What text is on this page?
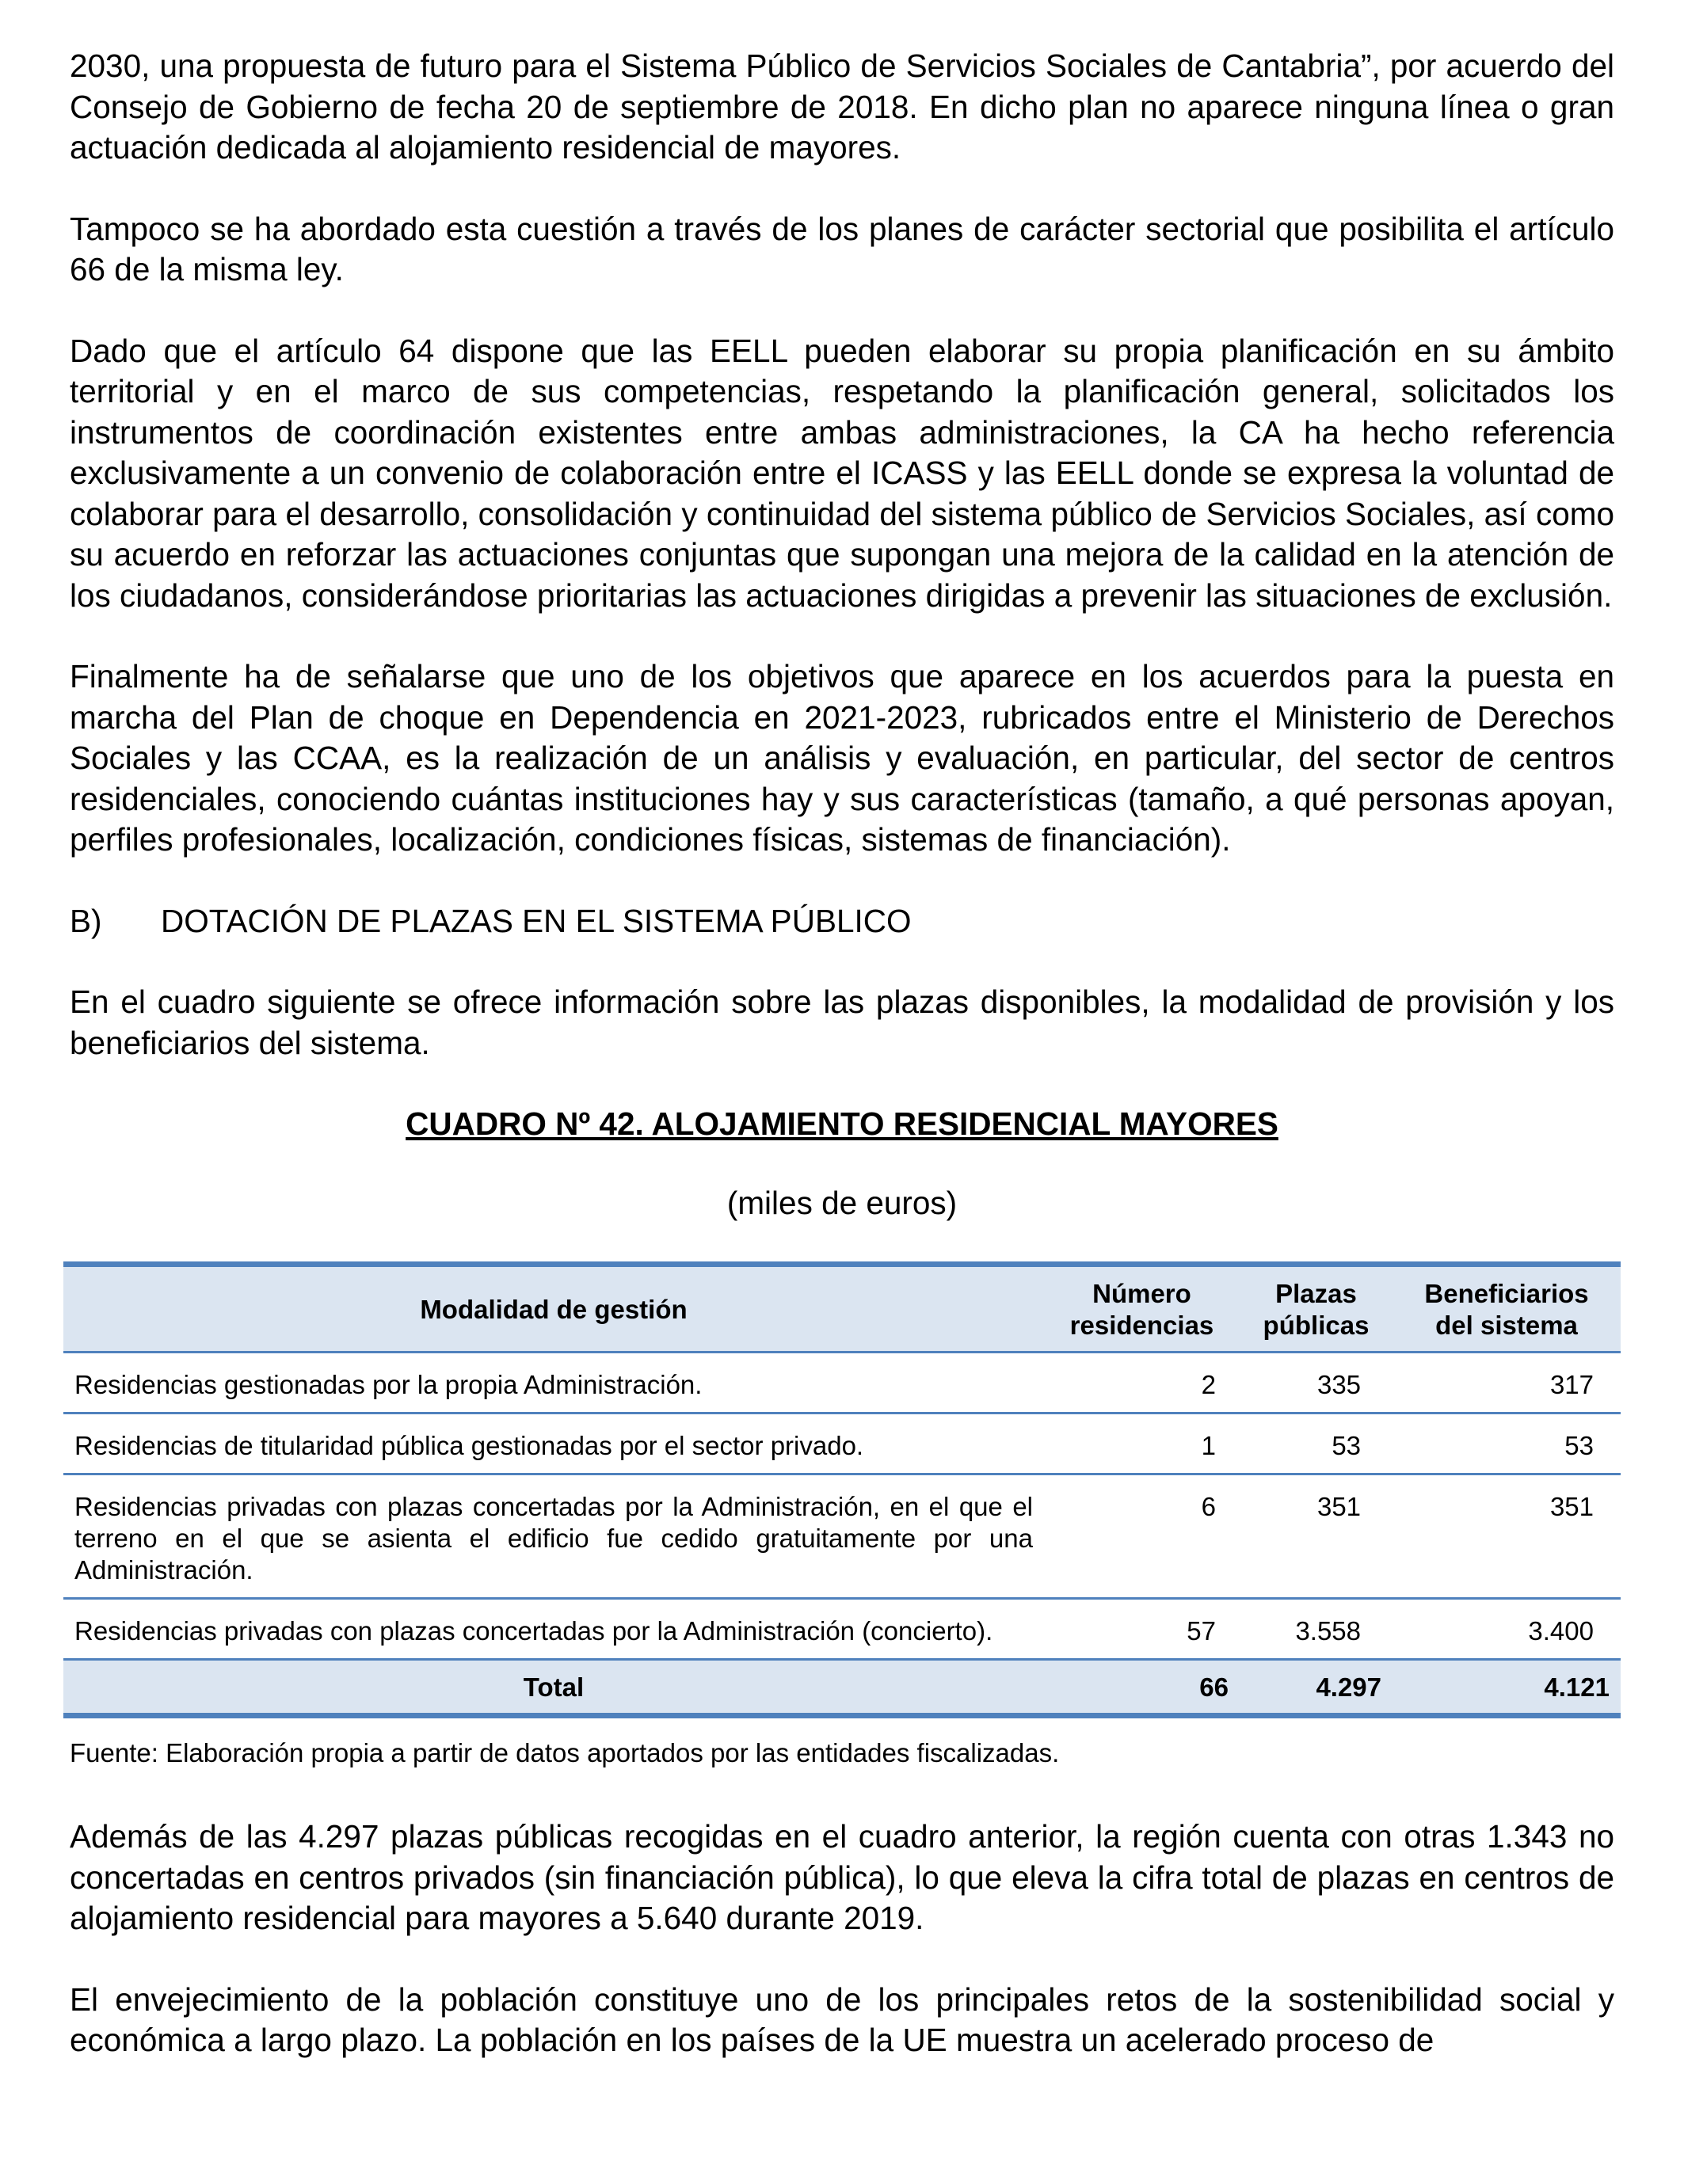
2030, una propuesta de futuro para el Sistema Público de Servicios Sociales de Cantabria”, por acuerdo del Consejo de Gobierno de fecha 20 de septiembre de 2018. En dicho plan no aparece ninguna línea o gran actuación dedicada al alojamiento residencial de mayores.

Tampoco se ha abordado esta cuestión a través de los planes de carácter sectorial que posibilita el artículo 66 de la misma ley.

Dado que el artículo 64 dispone que las EELL pueden elaborar su propia planificación en su ámbito territorial y en el marco de sus competencias, respetando la planificación general, solicitados los instrumentos de coordinación existentes entre ambas administraciones, la CA ha hecho referencia exclusivamente a un convenio de colaboración entre el ICASS y las EELL donde se expresa la voluntad de colaborar para el desarrollo, consolidación y continuidad del sistema público de Servicios Sociales, así como su acuerdo en reforzar las actuaciones conjuntas que supongan una mejora de la calidad en la atención de los ciudadanos, considerándose prioritarias las actuaciones dirigidas a prevenir las situaciones de exclusión.

Finalmente ha de señalarse que uno de los objetivos que aparece en los acuerdos para la puesta en marcha del Plan de choque en Dependencia en 2021-2023, rubricados entre el Ministerio de Derechos Sociales y las CCAA, es la realización de un análisis y evaluación, en particular, del sector de centros residenciales, conociendo cuántas instituciones hay y sus características (tamaño, a qué personas apoyan, perfiles profesionales, localización, condiciones físicas, sistemas de financiación).

B)	DOTACIÓN DE PLAZAS EN EL SISTEMA PÚBLICO

En el cuadro siguiente se ofrece información sobre las plazas disponibles, la modalidad de provisión y los beneficiarios del sistema.

CUADRO Nº 42. ALOJAMIENTO RESIDENCIAL MAYORES
(miles de euros)
Modalidad de gestión	Número residencias	Plazas públicas	Beneficiarios del sistema
Residencias gestionadas por la propia Administración.	2	335	317
Residencias de titularidad pública gestionadas por el sector privado.	1	53	53
Residencias privadas con plazas concertadas por la Administración, en el que el terreno en el que se asienta el edificio fue cedido gratuitamente por una Administración.	6	351	351
Residencias privadas con plazas concertadas por la Administración (concierto).	57	3.558	3.400
Total	66	4.297	4.121
Fuente: Elaboración propia a partir de datos aportados por las entidades fiscalizadas.

Además de las 4.297 plazas públicas recogidas en el cuadro anterior, la región cuenta con otras 1.343 no concertadas en centros privados (sin financiación pública), lo que eleva la cifra total de plazas en centros de alojamiento residencial para mayores a 5.640 durante 2019.

El envejecimiento de la población constituye uno de los principales retos de la sostenibilidad social y económica a largo plazo. La población en los países de la UE muestra un acelerado proceso de
